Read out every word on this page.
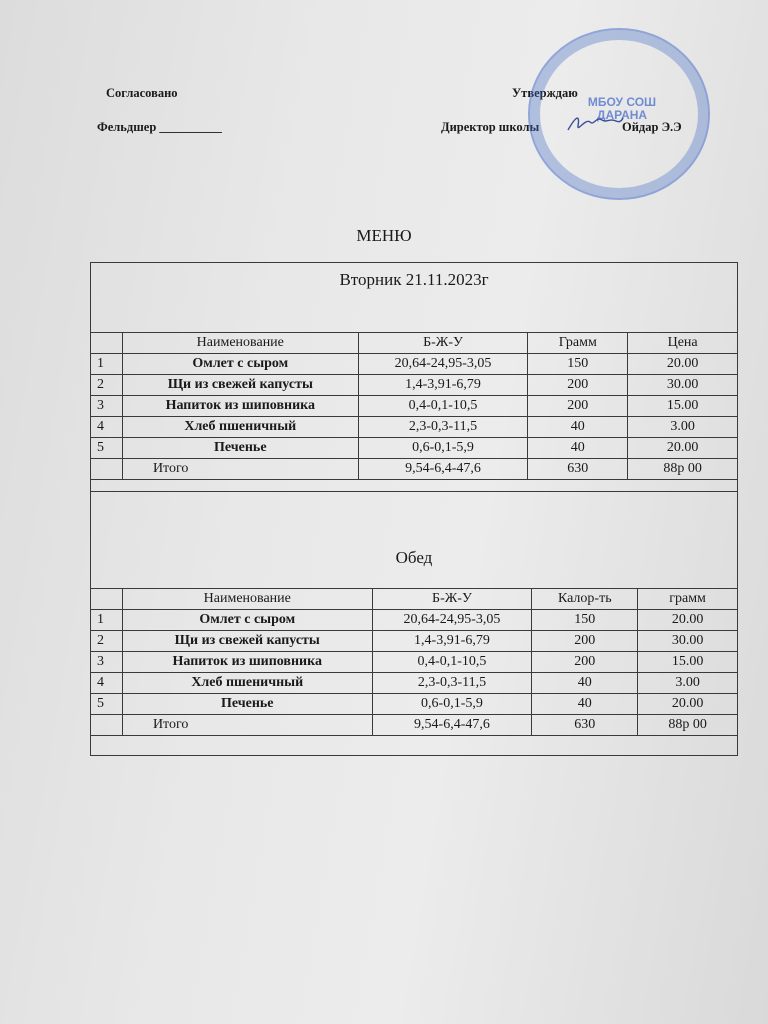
Согласовано	Утверждаю
Фельдшер __________	Директор школы	Ойдар Э.Э
МБОУ СОШ
ДАРАНА
МЕНЮ
Вторник 21.11.2023г
	Наименование	Б-Ж-У	Грамм	Цена
1	Омлет с сыром	20,64-24,95-3,05	150	20.00
2	Щи из свежей капусты	1,4-3,91-6,79	200	30.00
3	Напиток из шиповника	0,4-0,1-10,5	200	15.00
4	Хлеб пшеничный	2,3-0,3-11,5	40	3.00
5	Печенье	0,6-0,1-5,9	40	20.00
	Итого	9,54-6,4-47,6	630	88р 00
Обед
	Наименование	Б-Ж-У	Калор-ть	грамм
1	Омлет с сыром	20,64-24,95-3,05	150	20.00
2	Щи из свежей капусты	1,4-3,91-6,79	200	30.00
3	Напиток из шиповника	0,4-0,1-10,5	200	15.00
4	Хлеб пшеничный	2,3-0,3-11,5	40	3.00
5	Печенье	0,6-0,1-5,9	40	20.00
	Итого	9,54-6,4-47,6	630	88р 00
